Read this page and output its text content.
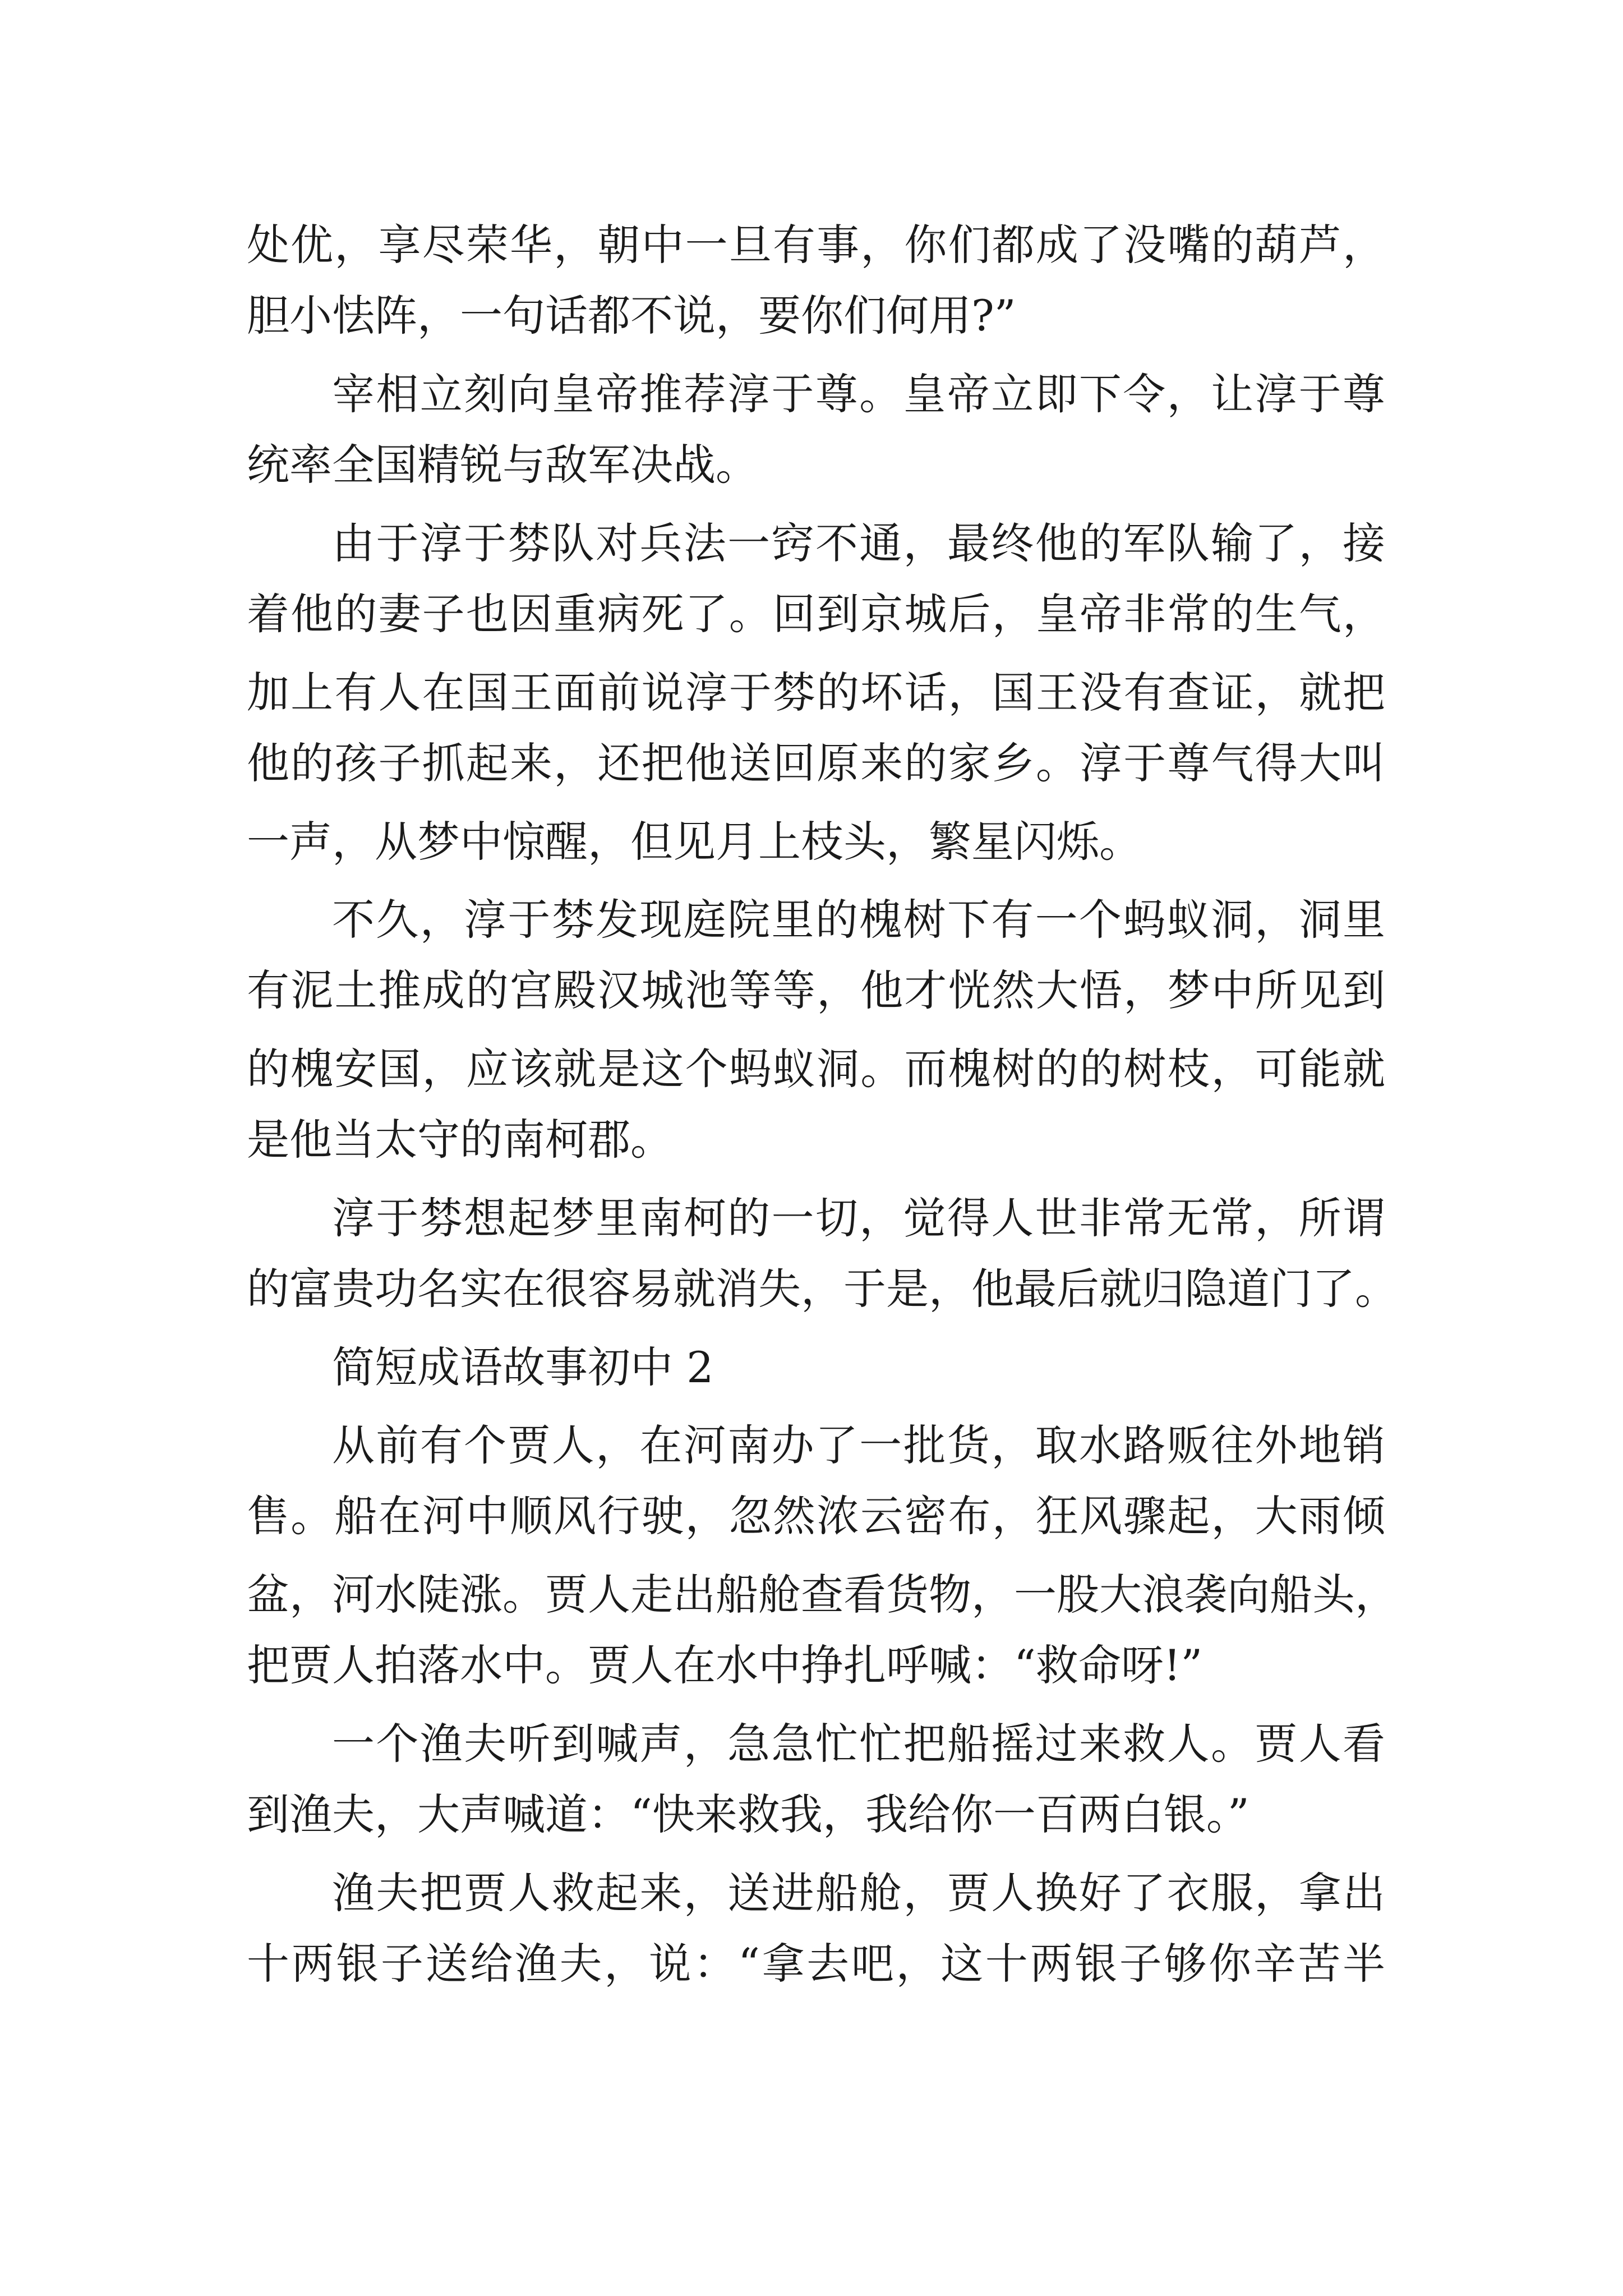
处优，享尽荣华，朝中一旦有事，你们都成了没嘴的葫芦，

胆小怯阵，一句话都不说，要你们何用?”

宰相立刻向皇帝推荐淳于尊。皇帝立即下令，让淳于尊

统率全国精锐与敌军决战。

由于淳于棼队对兵法一窍不通，最终他的军队输了，接

着他的妻子也因重病死了。回到京城后，皇帝非常的生气，

加上有人在国王面前说淳于棼的坏话，国王没有查证，就把

他的孩子抓起来，还把他送回原来的家乡。淳于尊气得大叫

一声，从梦中惊醒，但见月上枝头，繁星闪烁。

不久，淳于棼发现庭院里的槐树下有一个蚂蚁洞，洞里

有泥土推成的宫殿汉城池等等，他才恍然大悟，梦中所见到

的槐安国，应该就是这个蚂蚁洞。而槐树的的树枝，可能就

是他当太守的南柯郡。

淳于棼想起梦里南柯的一切，觉得人世非常无常，所谓

的富贵功名实在很容易就消失，于是，他最后就归隐道门了。

简短成语故事初中 2

从前有个贾人，在河南办了一批货，取水路贩往外地销

售。船在河中顺风行驶，忽然浓云密布，狂风骤起，大雨倾

盆，河水陡涨。贾人走出船舱查看货物，一股大浪袭向船头，

把贾人拍落水中。贾人在水中挣扎呼喊：“救命呀!”

一个渔夫听到喊声，急急忙忙把船摇过来救人。贾人看

到渔夫，大声喊道：“快来救我，我给你一百两白银。”

渔夫把贾人救起来，送进船舱，贾人换好了衣服，拿出

十两银子送给渔夫，说：“拿去吧，这十两银子够你辛苦半
